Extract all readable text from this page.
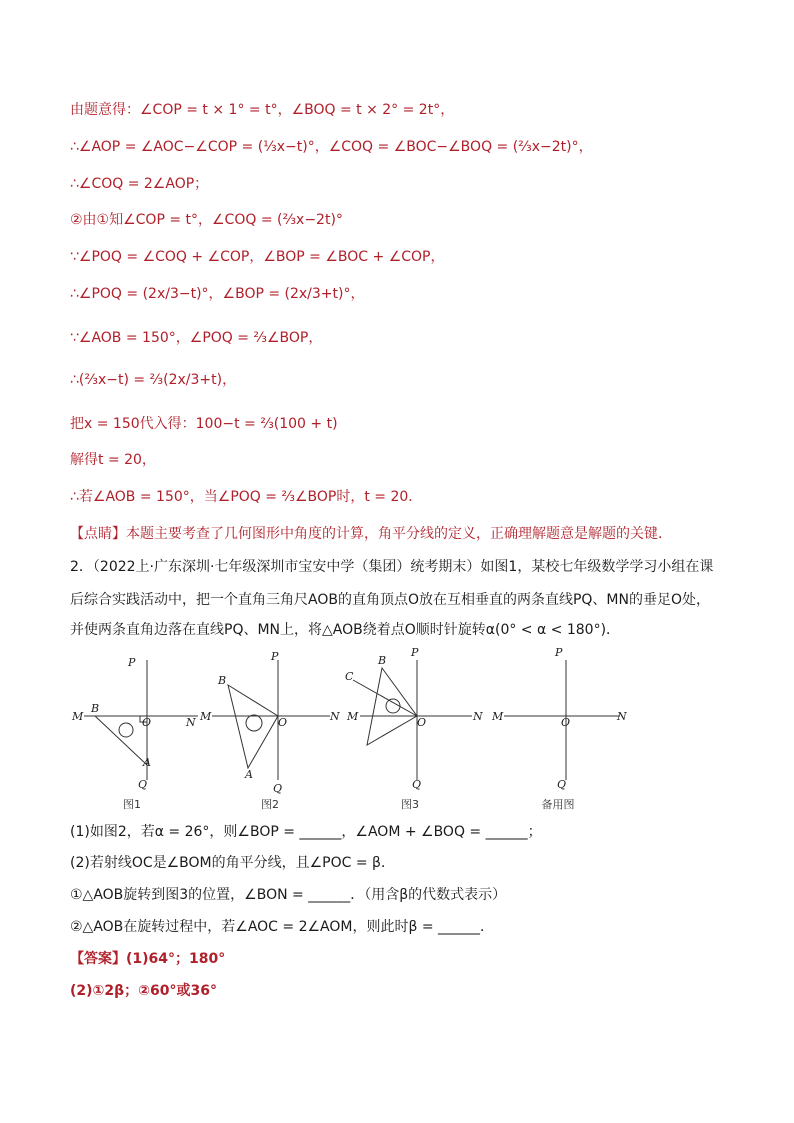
由题意得：∠COP = t × 1° = t°，∠BOQ = t × 2° = 2t°，
∴∠AOP = ∠AOC−∠COP = (⅓x−t)°，∠COQ = ∠BOC−∠BOQ = (⅔x−2t)°，
∴∠COQ = 2∠AOP；
②由①知∠COP = t°，∠COQ = (⅔x−2t)°
∵∠POQ = ∠COQ + ∠COP，∠BOP = ∠BOC + ∠COP，
∴∠POQ = (2x/3−t)°，∠BOP = (2x/3+t)°，
∵∠AOB = 150°，∠POQ = ⅔∠BOP，
∴(⅔x−t) = ⅔(2x/3+t)，
把x = 150代入得：100−t = ⅔(100 + t)
解得t = 20，
∴若∠AOB = 150°，当∠POQ = ⅔∠BOP时，t = 20．
【点睛】本题主要考查了几何图形中角度的计算，角平分线的定义，正确理解题意是解题的关键．
2．（2022上·广东深圳·七年级深圳市宝安中学（集团）统考期末）如图1，某校七年级数学学习小组在课
后综合实践活动中，把一个直角三角尺AOB的直角顶点O放在互相垂直的两条直线PQ、MN的垂足O处，
并使两条直角边落在直线PQ、MN上，将△AOB绕着点O顺时针旋转α(0° < α < 180°)．
P
M
B
O	N
A
Q
P
M
B
O	N
A
Q
P
C
B
M	O	N
Q
P
M	O	N
Q
图1	图2	图3	备用图
(1)如图2，若α = 26°，则∠BOP = ______，∠AOM + ∠BOQ = ______；
(2)若射线OC是∠BOM的角平分线，且∠POC = β．
①△AOB旋转到图3的位置，∠BON = ______．（用含β的代数式表示）
②△AOB在旋转过程中，若∠AOC = 2∠AOM，则此时β = ______．
【答案】(1)64°；180°
(2)①2β；②60°或36°
